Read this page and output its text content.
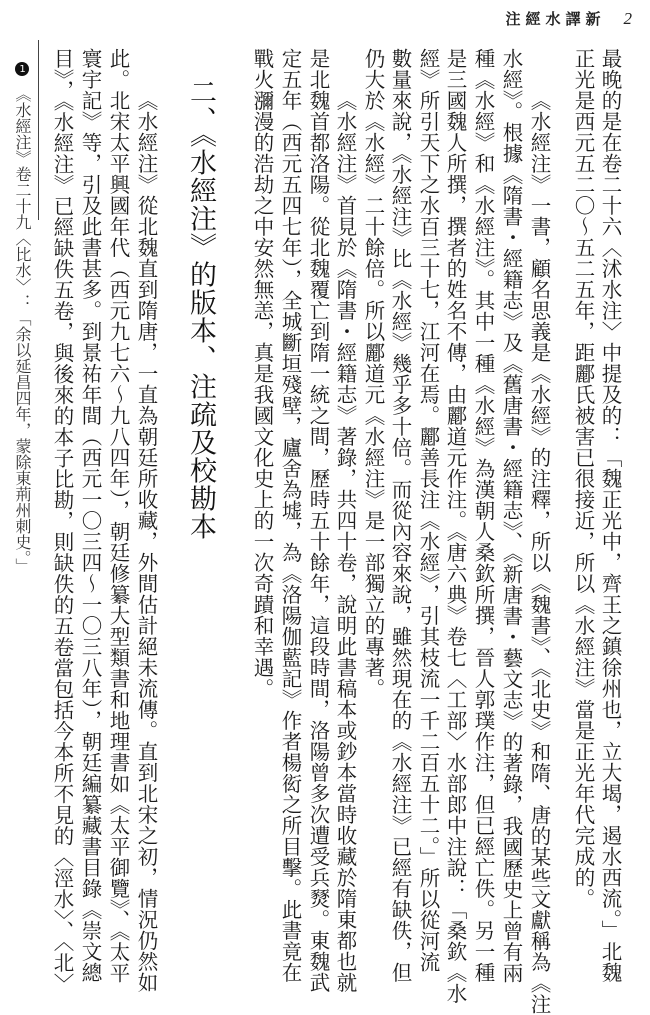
注經水譯新 2
最晚的是在卷二十六〈沭水注〉中提及的：「魏正光中，齊王之鎮徐州也，立大堨，遏水西流。」北魏
正光是西元五二〇～五二五年，距酈氏被害已很接近，所以《水經注》當是正光年代完成的。
《水經注》一書，顧名思義是《水經》的注釋，所以《魏書》、《北史》和隋、唐的某些文獻稱為《注
水經》。根據《隋書・經籍志》及《舊唐書・經籍志》、《新唐書・藝文志》的著錄，我國歷史上曾有兩
種《水經》和《水經注》。其中一種《水經》為漢朝人桑欽所撰，晉人郭璞作注，但已經亡佚。另一種
是三國魏人所撰，撰者的姓名不傳，由酈道元作注。《唐六典》卷七〈工部〉水部郎中注說：「桑欽《水
經》所引天下之水百三十七，江河在焉。酈善長注《水經》，引其枝流一千二百五十二。」所以從河流
數量來說，《水經注》比《水經》幾乎多十倍。而從內容來說，雖然現在的《水經注》已經有缺佚，但
仍大於《水經》二十餘倍。所以酈道元《水經注》是一部獨立的專著。
《水經注》首見於《隋書・經籍志》著錄，共四十卷，說明此書稿本或鈔本當時收藏於隋東都也就
是北魏首都洛陽。從北魏覆亡到隋一統之間，歷時五十餘年，這段時間，洛陽曾多次遭受兵燹。東魏武
定五年（西元五四七年），全城斷垣殘壁，廬舍為墟，為《洛陽伽藍記》作者楊衒之所目擊。此書竟在
戰火瀰漫的浩劫之中安然無恙，真是我國文化史上的一次奇蹟和幸遇。
二、《水經注》的版本、注疏及校勘本
《水經注》從北魏直到隋唐，一直為朝廷所收藏，外間估計絕未流傳。直到北宋之初，情況仍然如
此。北宋太平興國年代（西元九七六～九八四年），朝廷修纂大型類書和地理書如《太平御覽》、《太平
寰宇記》等，引及此書甚多。到景祐年間（西元一〇三四～一〇三八年），朝廷編纂藏書目錄《崇文總
目》，《水經注》已經缺佚五卷，與後來的本子比勘，則缺佚的五卷當包括今本所不見的〈涇水〉、〈北〉
1《水經注》卷二十九〈比水〉：「余以延昌四年，蒙除東荊州刺史。」
